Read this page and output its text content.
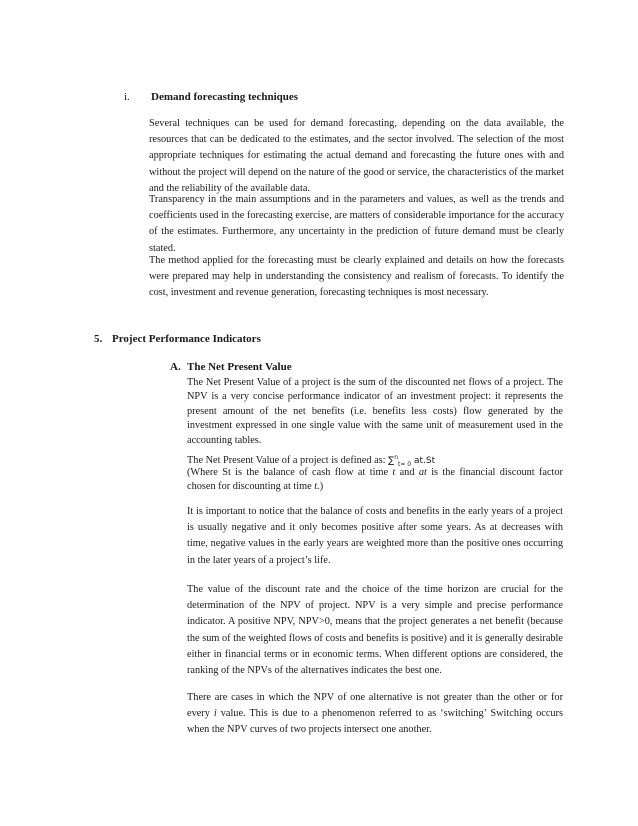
i. Demand forecasting techniques

Several techniques can be used for demand forecasting, depending on the data available, the resources that can be dedicated to the estimates, and the sector involved. The selection of the most appropriate techniques for estimating the actual demand and forecasting the future ones with and without the project will depend on the nature of the good or service, the characteristics of the market and the reliability of the available data.

Transparency in the main assumptions and in the parameters and values, as well as the trends and coefficients used in the forecasting exercise, are matters of considerable importance for the accuracy of the estimates. Furthermore, any uncertainty in the prediction of future demand must be clearly stated.

The method applied for the forecasting must be clearly explained and details on how the forecasts were prepared may help in understanding the consistency and realism of forecasts. To identify the cost, investment and revenue generation, forecasting techniques is most necessary.

5. Project Performance Indicators
A. The Net Present Value

The Net Present Value of a project is the sum of the discounted net flows of a project. The NPV is a very concise performance indicator of an investment project: it represents the present amount of the net benefits (i.e. benefits less costs) flow generated by the investment expressed in one single value with the same unit of measurement used in the accounting tables.

The Net Present Value of a project is defined as: ∑$^n_{t= 0}$ at.St
(Where St is the balance of cash flow at time t and at is the financial discount factor chosen for discounting at time t.)

It is important to notice that the balance of costs and benefits in the early years of a project is usually negative and it only becomes positive after some years. As at decreases with time, negative values in the early years are weighted more than the positive ones occurring in the later years of a project’s life.

The value of the discount rate and the choice of the time horizon are crucial for the determination of the NPV of project. NPV is a very simple and precise performance indicator. A positive NPV, NPV>0, means that the project generates a net benefit (because the sum of the weighted flows of costs and benefits is positive) and it is generally desirable either in financial terms or in economic terms. When different options are considered, the ranking of the NPVs of the alternatives indicates the best one.

There are cases in which the NPV of one alternative is not greater than the other or for every i value. This is due to a phenomenon referred to as ‘switching’ Switching occurs when the NPV curves of two projects intersect one another.
